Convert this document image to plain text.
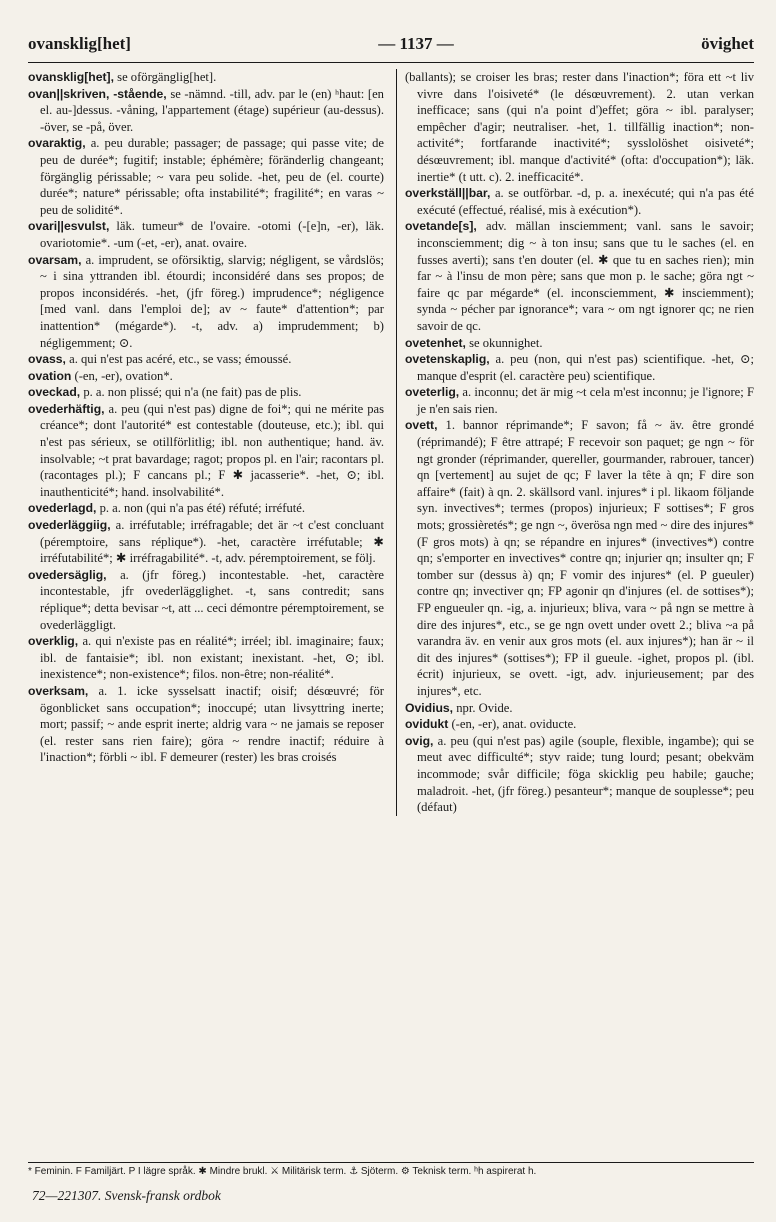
ovansklig[het]	— 1137 —	övighet

ovansklig[het], se oförgänglig[het].

ovan||skriven, -stående, se -nämnd. -till, adv. par le (en) ʰhaut: [en el. au-]dessus. -våning, l'appartement (étage) supérieur (au-dessus). -över, se -på, över.

ovaraktig, a. peu durable; passager; de passage; qui passe vite; de peu de durée*; fugitif; instable; éphémère; föränderlig changeant; förgänglig périssable; ~ vara peu solide. -het, peu de (el. courte) durée*; nature* périssable; ofta instabilité*; fragilité*; en varas ~ peu de solidité*.

ovari||esvulst, läk. tumeur* de l'ovaire. -otomi (-[e]n, -er), läk. ovariotomie*. -um (-et, -er), anat. ovaire.

ovarsam, a. imprudent, se oförsiktig, slarvig; négligent, se vårdslös; ~ i sina yttranden ibl. étourdi; inconsidéré dans ses propos; de propos inconsidérés. -het, (jfr föreg.) imprudence*; négligence [med vanl. dans l'emploi de]; av ~ faute* d'attention*; par inattention* (mégarde*). -t, adv. a) imprudemment; b) négligemment; ⊙.

ovass, a. qui n'est pas acéré, etc., se vass; émoussé.

ovation (-en, -er), ovation*.

oveckad, p. a. non plissé; qui n'a (ne fait) pas de plis.

ovederhäftig, a. peu (qui n'est pas) digne de foi*; qui ne mérite pas créance*; dont l'autorité* est contestable (douteuse, etc.); ibl. qui n'est pas sérieux, se otillförlitlig; ibl. non authentique; hand. äv. insolvable; ~t prat bavardage; ragot; propos pl. en l'air; racontars pl. (racontages pl.); F cancans pl.; F ✱ jacasserie*. -het, ⊙; ibl. inauthenticité*; hand. insolvabilité*.

ovederlagd, p. a. non (qui n'a pas été) réfuté; irréfuté.

ovederläggiig, a. irréfutable; irréfragable; det är ~t c'est concluant (péremptoire, sans réplique*). -het, caractère irréfutable; ✱ irréfutabilité*; ✱ irréfragabilité*. -t, adv. péremptoirement, se följ.

ovedersäglig, a. (jfr föreg.) incontestable. -het, caractère incontestable, jfr ovederlägglighet. -t, sans contredit; sans réplique*; detta bevisar ~t, att ... ceci démontre péremptoirement, se ovederläggligt.

overklig, a. qui n'existe pas en réalité*; irréel; ibl. imaginaire; faux; ibl. de fantaisie*; ibl. non existant; inexistant. -het, ⊙; ibl. inexistence*; non-existence*; filos. non-être; non-réalité*.

overksam, a. 1. icke sysselsatt inactif; oisif; désœuvré; för ögonblicket sans occupation*; inoccupé; utan livsyttring inerte; mort; passif; ~ ande esprit inerte; aldrig vara ~ ne jamais se reposer (el. rester sans rien faire); göra ~ rendre inactif; réduire à l'inaction*; förbli ~ ibl. F demeurer (rester) les bras croisés

(ballants); se croiser les bras; rester dans l'inaction*; föra ett ~t liv vivre dans l'oisiveté* (le désœuvrement). 2. utan verkan inefficace; sans (qui n'a point d')effet; göra ~ ibl. paralyser; empêcher d'agir; neutraliser. -het, 1. tillfällig inaction*; non-activité*; fortfarande inactivité*; sysslolöshet oisiveté*; désœuvrement; ibl. manque d'activité* (ofta: d'occupation*); läk. inertie* (t utt. c). 2. inefficacité*.

overkställ||bar, a. se outförbar. -d, p. a. inexécuté; qui n'a pas été exécuté (effectué, réalisé, mis à exécution*).

ovetande[s], adv. mällan insciemment; vanl. sans le savoir; inconsciemment; dig ~ à ton insu; sans que tu le saches (el. en fusses averti); sans t'en douter (el. ✱ que tu en saches rien); min far ~ à l'insu de mon père; sans que mon p. le sache; göra ngt ~ faire qc par mégarde* (el. inconsciemment, ✱ insciemment); synda ~ pécher par ignorance*; vara ~ om ngt ignorer qc; ne rien savoir de qc.

ovetenhet, se okunnighet.

ovetenskaplig, a. peu (non, qui n'est pas) scientifique. -het, ⊙; manque d'esprit (el. caractère peu) scientifique.

oveterlig, a. inconnu; det är mig ~t cela m'est inconnu; je l'ignore; F je n'en sais rien.

ovett, 1. bannor réprimande*; F savon; få ~ äv. être grondé (réprimandé); F être attrapé; F recevoir son paquet; ge ngn ~ för ngt gronder (réprimander, quereller, gourmander, rabrouer, tancer) qn [vertement] au sujet de qc; F laver la tête à qn; F dire son affaire* (fait) à qn. 2. skällsord vanl. injures* i pl. likaom följande syn. invectives*; termes (propos) injurieux; F sottises*; F gros mots; grossièretés*; ge ngn ~, överösa ngn med ~ dire des injures* (F gros mots) à qn; se répandre en injures* (invectives*) contre qn; s'emporter en invectives* contre qn; injurier qn; insulter qn; F tomber sur (dessus à) qn; F vomir des injures* (el. P gueuler) contre qn; invectiver qn; FP agonir qn d'injures (el. de sottises*); FP engueuler qn. -ig, a. injurieux; bliva, vara ~ på ngn se mettre à dire des injures*, etc., se ge ngn ovett under ovett 2.; bliva ~a på varandra äv. en venir aux gros mots (el. aux injures*); han är ~ il dit des injures* (sottises*); FP il gueule. -ighet, propos pl. (ibl. écrit) injurieux, se ovett. -igt, adv. injurieusement; par des injures*, etc.

Ovidius, npr. Ovide.

ovidukt (-en, -er), anat. oviducte.

ovig, a. peu (qui n'est pas) agile (souple, flexible, ingambe); qui se meut avec difficulté*; styv raide; tung lourd; pesant; obekväm incommode; svår difficile; föga skicklig peu habile; gauche; maladroit. -het, (jfr föreg.) pesanteur*; manque de souplesse*; peu (défaut)

* Feminin. F Familjärt. P I lägre språk. ✱ Mindre brukl. ⚔ Militärisk term. ⚓ Sjöterm. ⚙ Teknisk term. ʰh aspirerat h.
72—221307. Svensk-fransk ordbok
